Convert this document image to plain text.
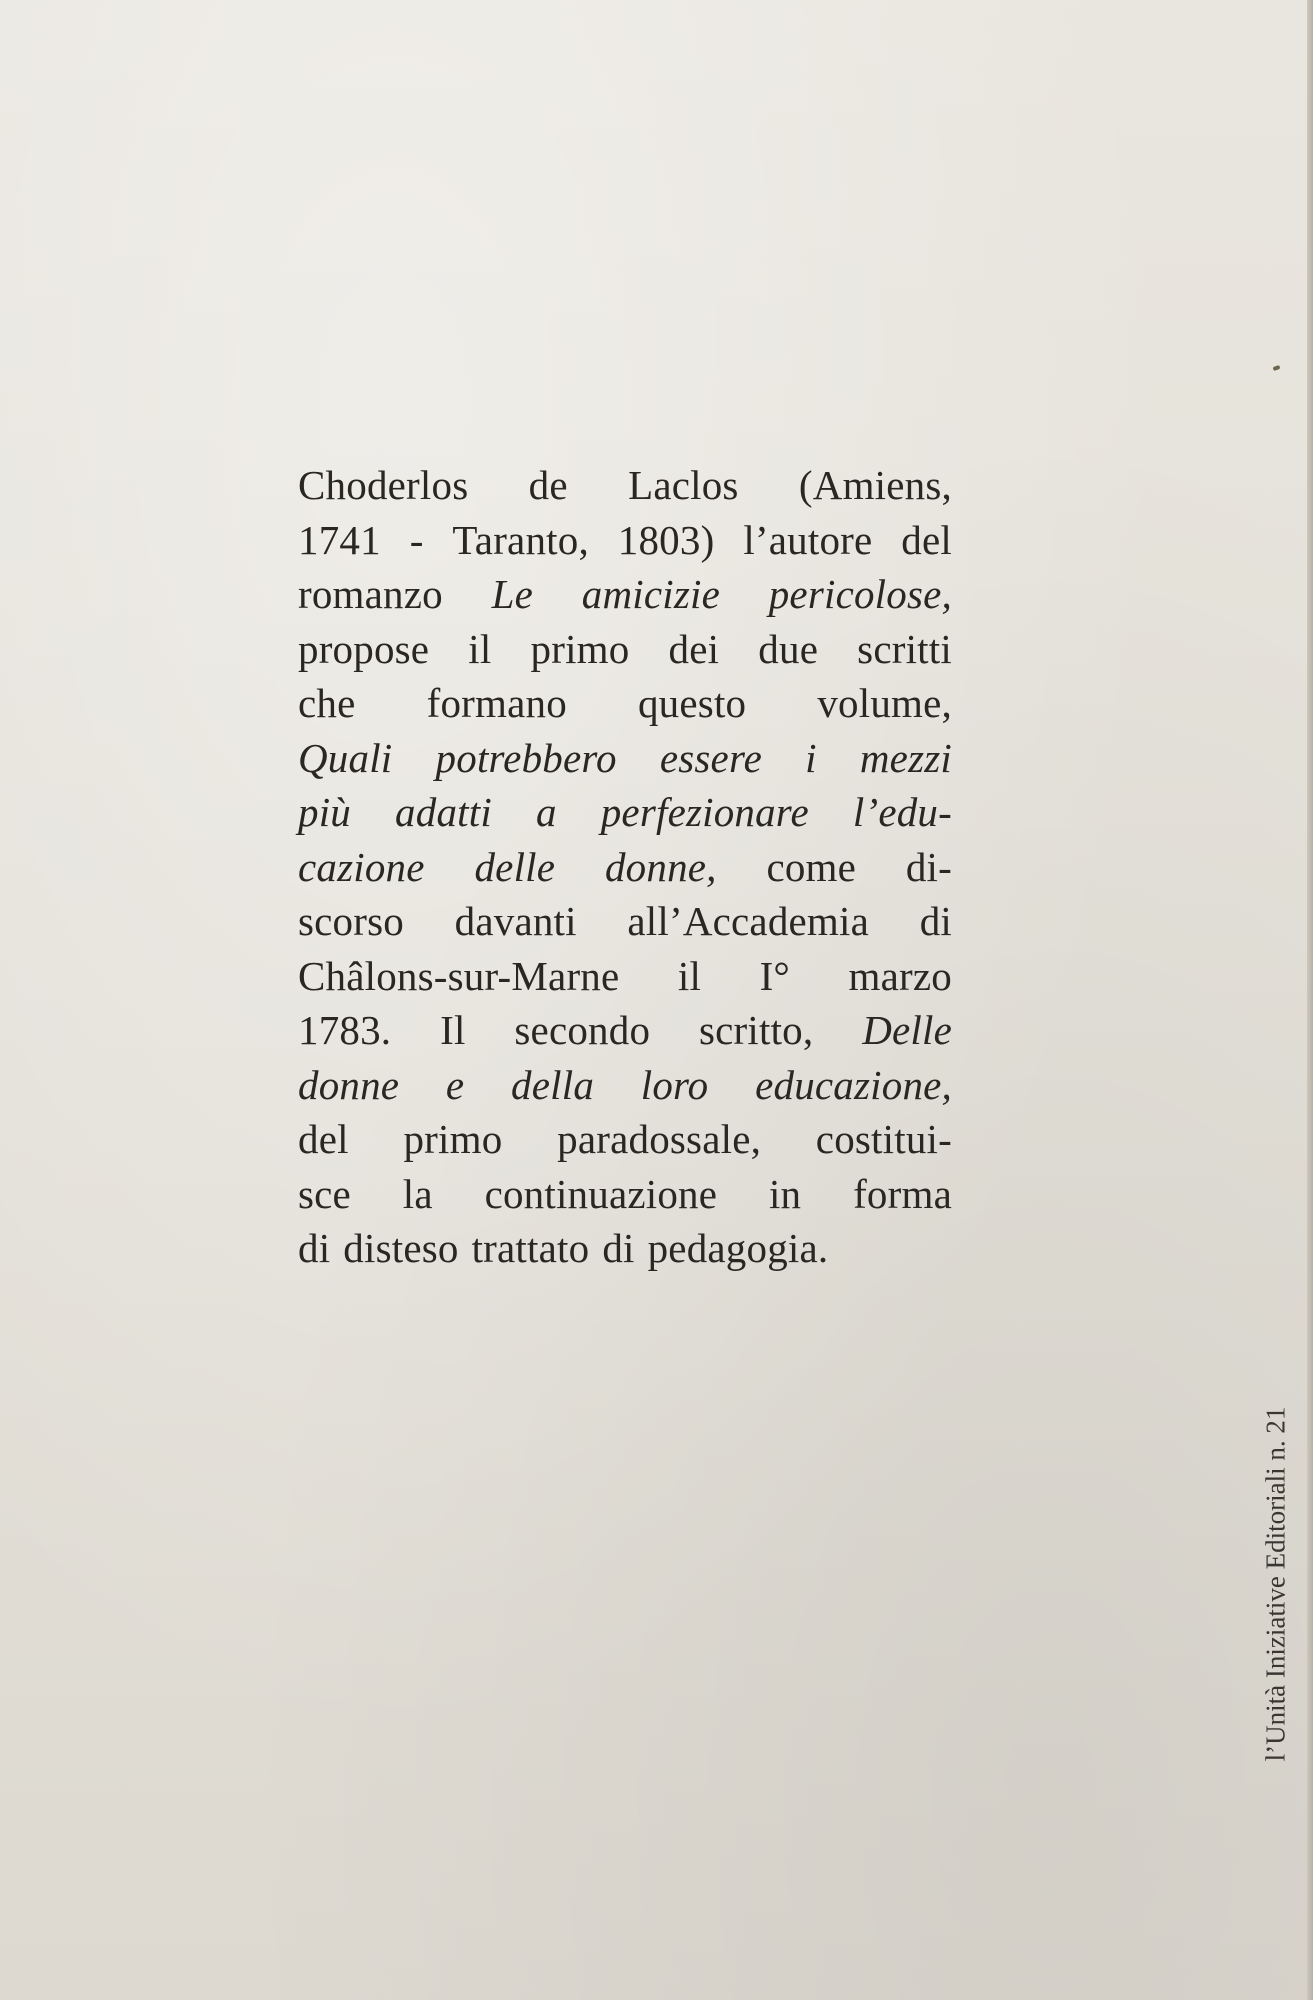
Choderlos de Laclos (Amiens,
1741 - Taranto, 1803) l’autore del
romanzo Le amicizie pericolose,
propose il primo dei due scritti
che formano questo volume,
Quali potrebbero essere i mezzi
più adatti a perfezionare l’edu-
cazione delle donne, come di-
scorso davanti all’Accademia di
Châlons-sur-Marne il I° marzo
1783. Il secondo scritto, Delle
donne e della loro educazione,
del primo paradossale, costitui-
sce la continuazione in forma
di disteso trattato di pedagogia.
l’Unità Iniziative Editoriali n. 21
